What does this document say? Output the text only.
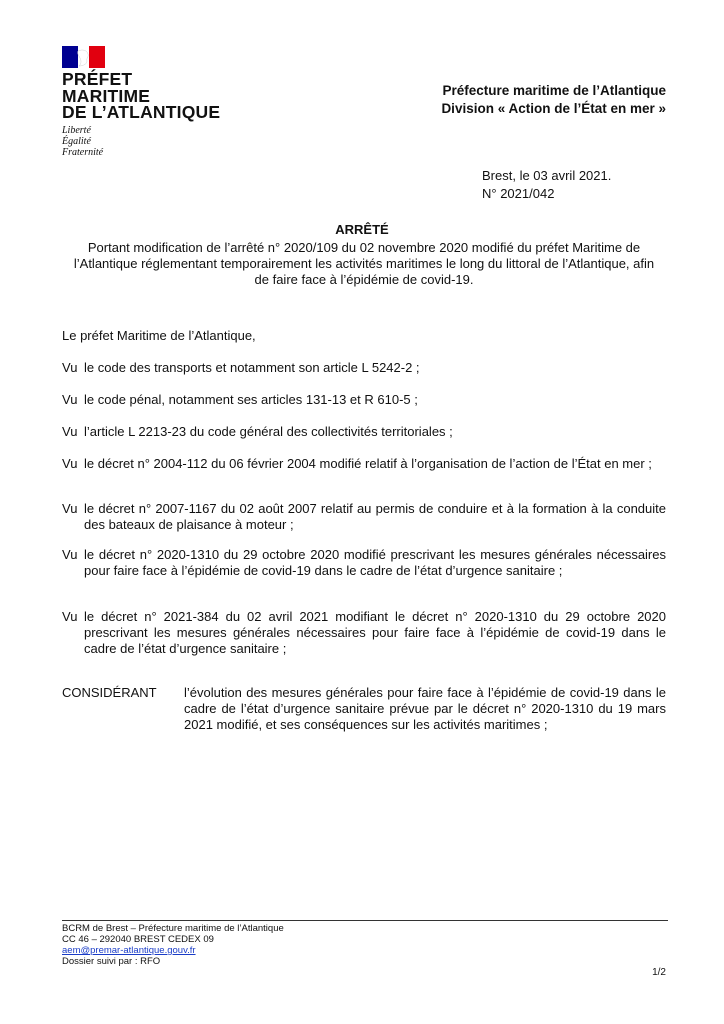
PRÉFET
MARITIME
DE L’ATLANTIQUE
Liberté
Égalité
Fraternité
Préfecture maritime de l’Atlantique
Division « Action de l’État en mer »
Brest, le 03 avril 2021.
N° 2021/042
ARRÊTÉ
Portant modification de l’arrêté n° 2020/109 du 02 novembre 2020 modifié du préfet Maritime de l’Atlantique réglementant temporairement les activités maritimes le long du littoral de l’Atlantique, afin de faire face à l’épidémie de covid-19.
Le préfet Maritime de l’Atlantique,
Vu le code des transports et notamment son article L 5242-2 ;
Vu le code pénal, notamment ses articles 131-13 et R 610-5 ;
Vu l’article L 2213-23 du code général des collectivités territoriales ;
Vu le décret n° 2004-112 du 06 février 2004 modifié relatif à l’organisation de l’action de l’État en mer ;
Vu le décret n° 2007-1167 du 02 août 2007 relatif au permis de conduire et à la formation à la conduite des bateaux de plaisance à moteur ;
Vu le décret n° 2020-1310 du 29 octobre 2020 modifié prescrivant les mesures générales nécessaires pour faire face à l’épidémie de covid-19 dans le cadre de l’état d’urgence sanitaire ;
Vu le décret n° 2021-384 du 02 avril 2021 modifiant le décret n° 2020-1310 du 29 octobre 2020 prescrivant les mesures générales nécessaires pour faire face à l’épidémie de covid-19 dans le cadre de l’état d’urgence sanitaire ;
CONSIDÉRANT	l’évolution des mesures générales pour faire face à l’épidémie de covid-19 dans le cadre de l’état d’urgence sanitaire prévue par le décret n° 2020-1310 du 19 mars 2021 modifié, et ses conséquences sur les activités maritimes ;
BCRM de Brest – Préfecture maritime de l’Atlantique
CC 46 – 292040 BREST CEDEX 09
aem@premar-atlantique.gouv.fr
Dossier suivi par : RFO
1/2
